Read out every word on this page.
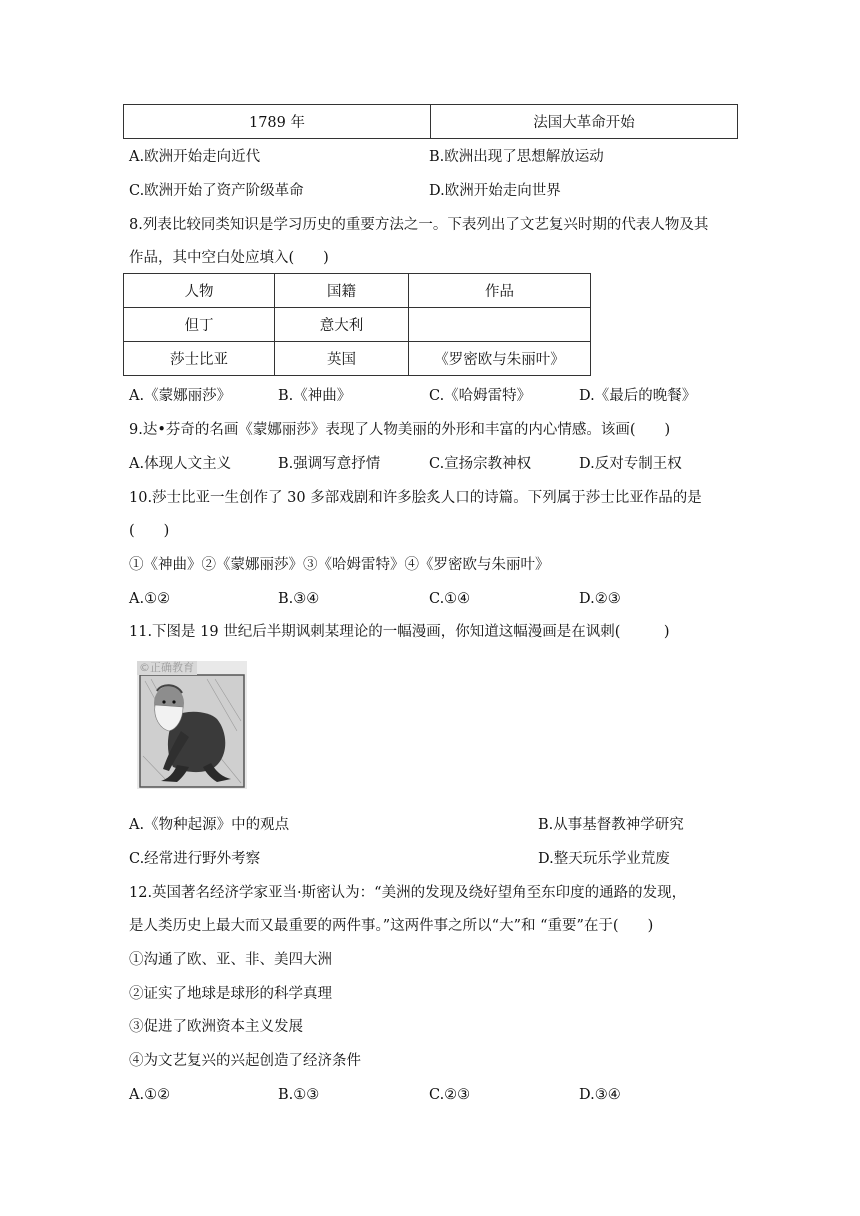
1789 年	法国大革命开始
A.欧洲开始走向近代	B.欧洲出现了思想解放运动
C.欧洲开始了资产阶级革命	D.欧洲开始走向世界
8.列表比较同类知识是学习历史的重要方法之一。下表列出了文艺复兴时期的代表人物及其
作品，其中空白处应填入(　　)
人物	国籍	作品
但丁	意大利	
莎士比亚	英国	《罗密欧与朱丽叶》
A.《蒙娜丽莎》	B.《神曲》	C.《哈姆雷特》	D.《最后的晚餐》
9.达•芬奇的名画《蒙娜丽莎》表现了人物美丽的外形和丰富的内心情感。该画(　　)
A.体现人文主义	B.强调写意抒情	C.宣扬宗教神权	D.反对专制王权
10.莎士比亚一生创作了 30 多部戏剧和许多脍炙人口的诗篇。下列属于莎士比亚作品的是
(　　)
①《神曲》②《蒙娜丽莎》③《哈姆雷特》④《罗密欧与朱丽叶》
A.①②	B.③④	C.①④	D.②③
11.下图是 19 世纪后半期讽刺某理论的一幅漫画，你知道这幅漫画是在讽刺(　　　)
©正确教育
A.《物种起源》中的观点	B.从事基督教神学研究
C.经常进行野外考察	D.整天玩乐学业荒废
12.英国著名经济学家亚当·斯密认为：“美洲的发现及绕好望角至东印度的通路的发现，
是人类历史上最大而又最重要的两件事。”这两件事之所以“大”和 “重要”在于(　　)
①沟通了欧、亚、非、美四大洲
②证实了地球是球形的科学真理
③促进了欧洲资本主义发展
④为文艺复兴的兴起创造了经济条件
A.①②	B.①③	C.②③	D.③④
